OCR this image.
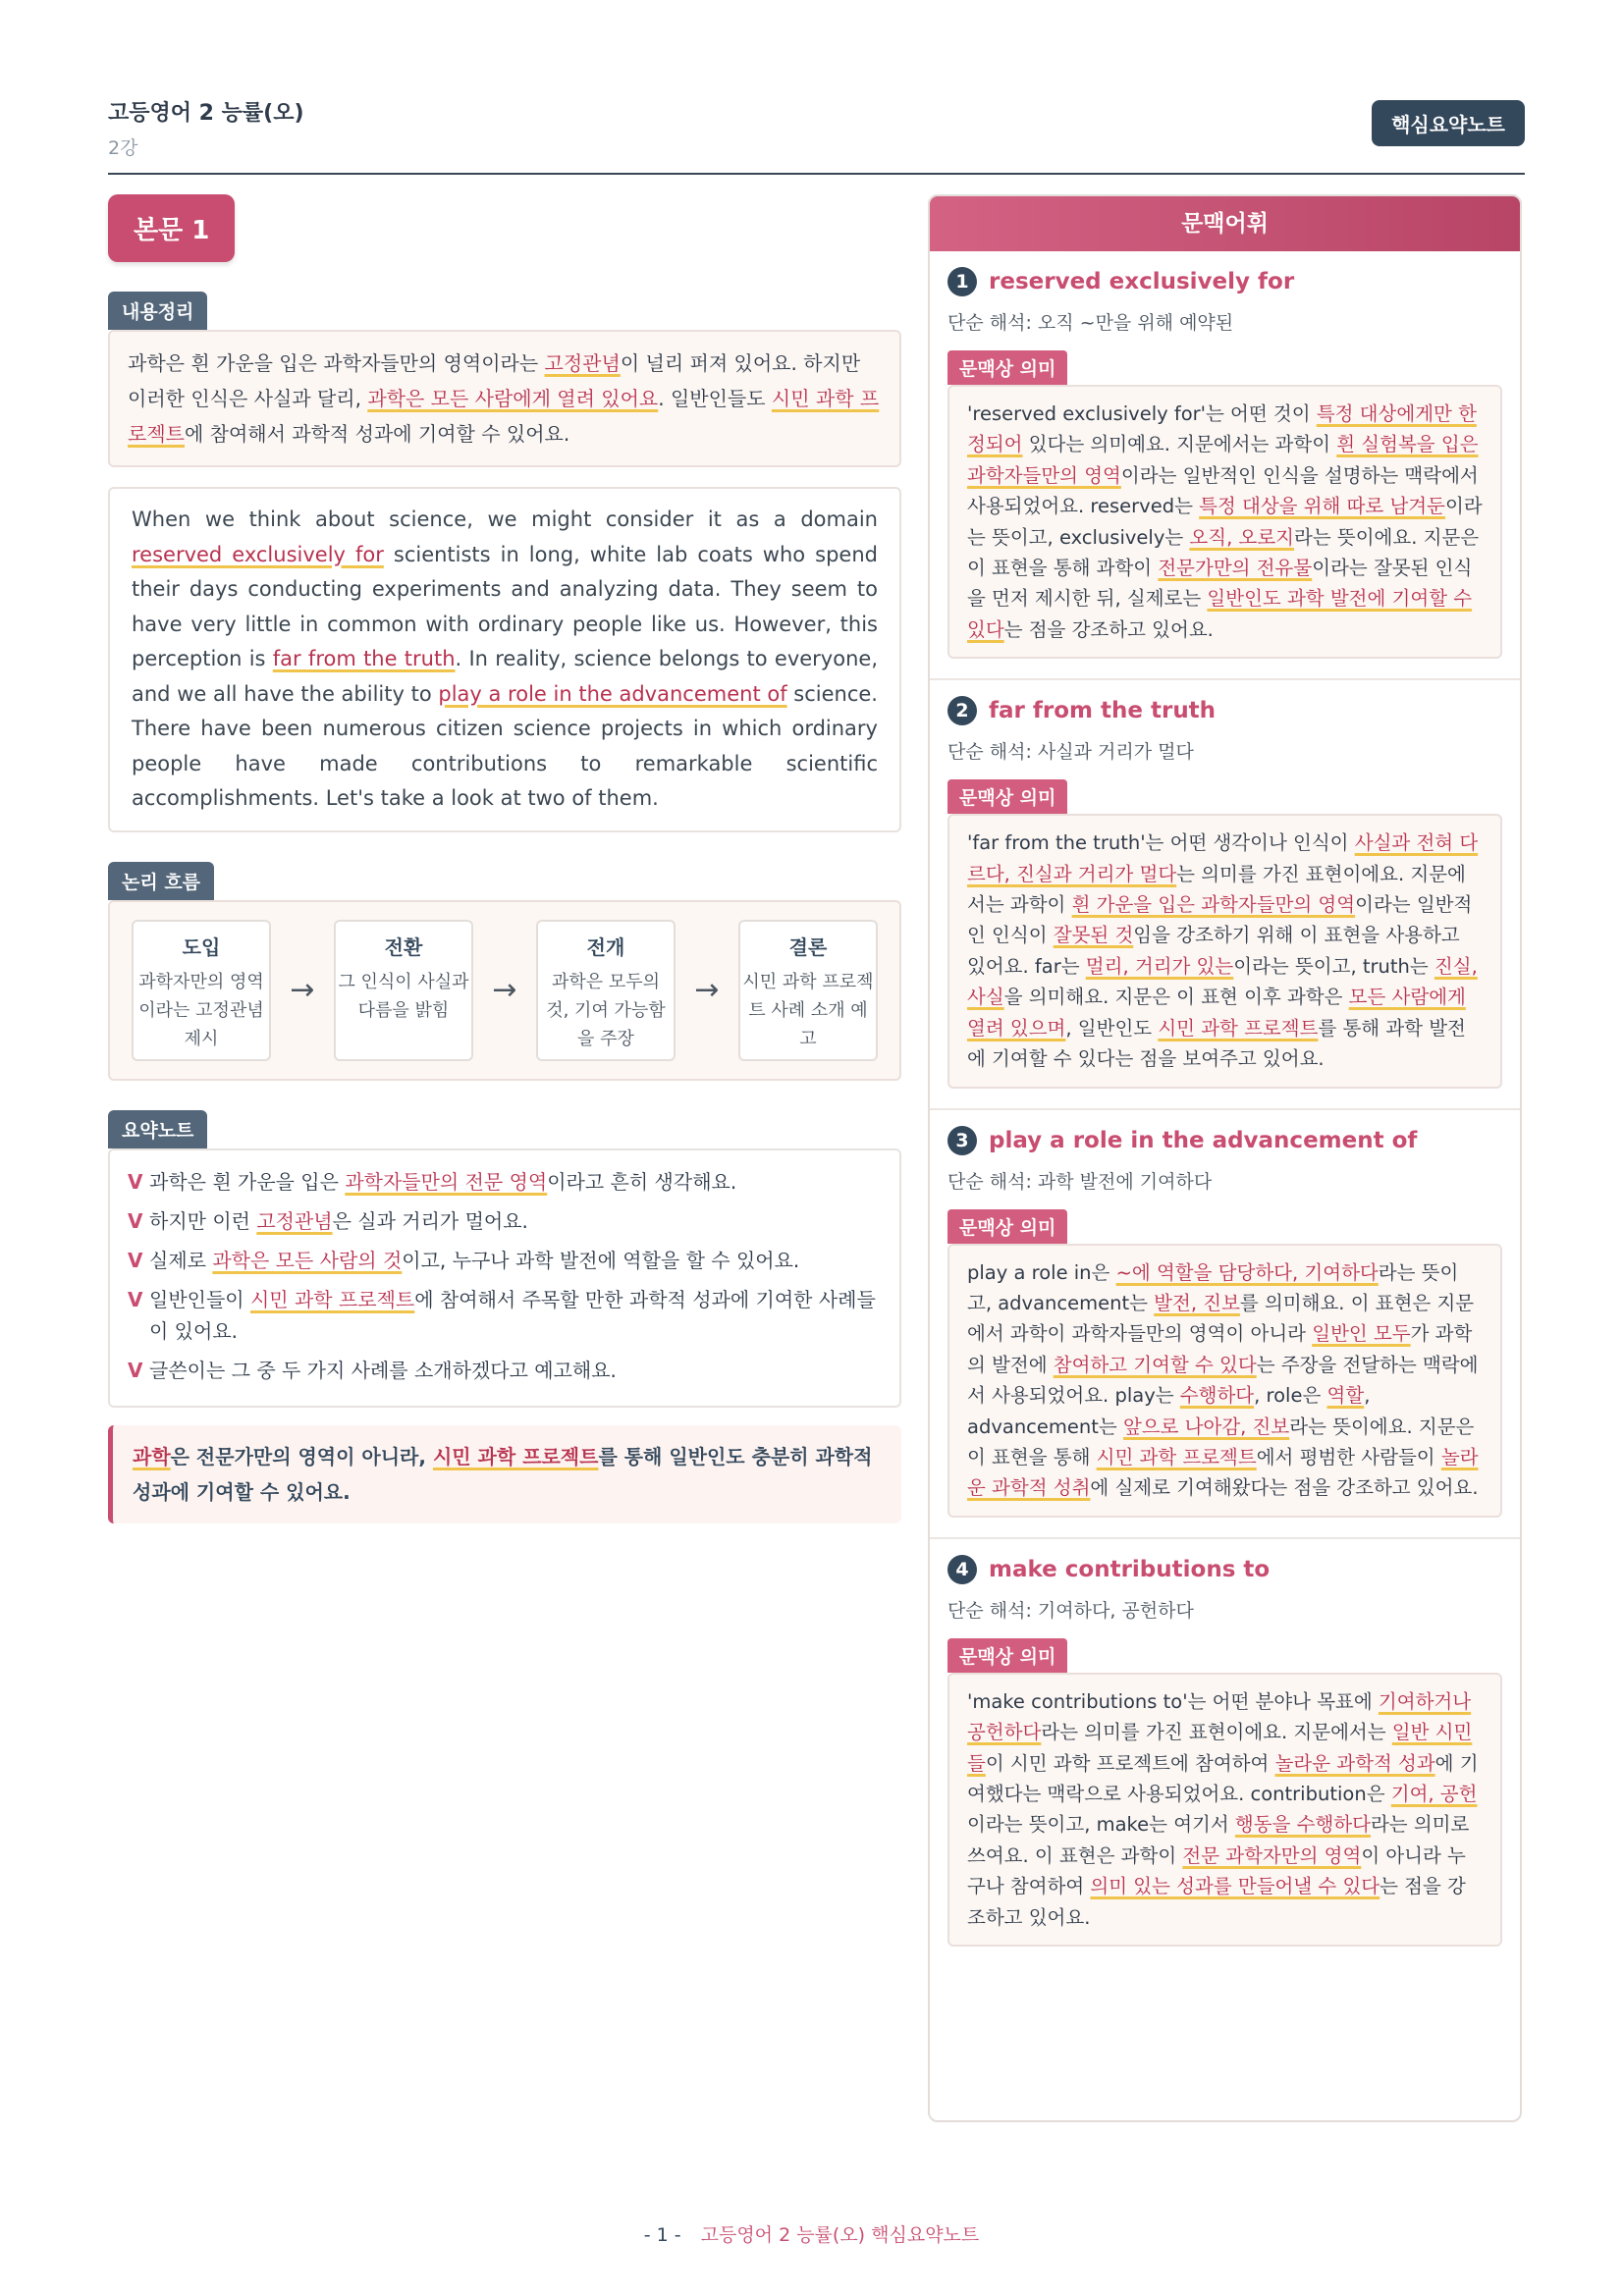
고등영어 2 능률(오)
2강
핵심요약노트
본문 1
내용정리
과학은 흰 가운을 입은 과학자들만의 영역이라는 고정관념이 널리 퍼져 있어요. 하지만 이러한 인식은 사실과 달리, 과학은 모든 사람에게 열려 있어요. 일반인들도 시민 과학 프로젝트에 참여해서 과학적 성과에 기여할 수 있어요.
When we think about science, we might consider it as a domain reserved exclusively for scientists in long, white lab coats who spend their days conducting experiments and analyzing data. They seem to have very little in common with ordinary people like us. However, this perception is far from the truth. In reality, science belongs to everyone, and we all have the ability to play a role in the advancement of science. There have been numerous citizen science projects in which ordinary people have made contributions to remarkable scientific accomplishments. Let's take a look at two of them.
논리 흐름
도입
과학자만의 영역이라는 고정관념 제시
→
전환
그 인식이 사실과 다름을 밝힘
→
전개
과학은 모두의 것, 기여 가능함을 주장
→
결론
시민 과학 프로젝트 사례 소개 예고
요약노트
V 과학은 흰 가운을 입은 과학자들만의 전문 영역이라고 흔히 생각해요.
V 하지만 이런 고정관념은 실과 거리가 멀어요.
V 실제로 과학은 모든 사람의 것이고, 누구나 과학 발전에 역할을 할 수 있어요.
V 일반인들이 시민 과학 프로젝트에 참여해서 주목할 만한 과학적 성과에 기여한 사례들이 있어요.
V 글쓴이는 그 중 두 가지 사례를 소개하겠다고 예고해요.
과학은 전문가만의 영역이 아니라, 시민 과학 프로젝트를 통해 일반인도 충분히 과학적 성과에 기여할 수 있어요.
문맥어휘
1 reserved exclusively for
단순 해석: 오직 ~만을 위해 예약된
문맥상 의미
'reserved exclusively for'는 어떤 것이 특정 대상에게만 한정되어 있다는 의미예요. 지문에서는 과학이 흰 실험복을 입은 과학자들만의 영역이라는 일반적인 인식을 설명하는 맥락에서 사용되었어요. reserved는 특정 대상을 위해 따로 남겨둔이라는 뜻이고, exclusively는 오직, 오로지라는 뜻이에요. 지문은 이 표현을 통해 과학이 전문가만의 전유물이라는 잘못된 인식을 먼저 제시한 뒤, 실제로는 일반인도 과학 발전에 기여할 수 있다는 점을 강조하고 있어요.
2 far from the truth
단순 해석: 사실과 거리가 멀다
문맥상 의미
'far from the truth'는 어떤 생각이나 인식이 사실과 전혀 다르다, 진실과 거리가 멀다는 의미를 가진 표현이에요. 지문에서는 과학이 흰 가운을 입은 과학자들만의 영역이라는 일반적인 인식이 잘못된 것임을 강조하기 위해 이 표현을 사용하고 있어요. far는 멀리, 거리가 있는이라는 뜻이고, truth는 진실, 사실을 의미해요. 지문은 이 표현 이후 과학은 모든 사람에게 열려 있으며, 일반인도 시민 과학 프로젝트를 통해 과학 발전에 기여할 수 있다는 점을 보여주고 있어요.
3 play a role in the advancement of
단순 해석: 과학 발전에 기여하다
문맥상 의미
play a role in은 ~에 역할을 담당하다, 기여하다라는 뜻이고, advancement는 발전, 진보를 의미해요. 이 표현은 지문에서 과학이 과학자들만의 영역이 아니라 일반인 모두가 과학의 발전에 참여하고 기여할 수 있다는 주장을 전달하는 맥락에서 사용되었어요. play는 수행하다, role은 역할, advancement는 앞으로 나아감, 진보라는 뜻이에요. 지문은 이 표현을 통해 시민 과학 프로젝트에서 평범한 사람들이 놀라운 과학적 성취에 실제로 기여해왔다는 점을 강조하고 있어요.
4 make contributions to
단순 해석: 기여하다, 공헌하다
문맥상 의미
'make contributions to'는 어떤 분야나 목표에 기여하거나 공헌하다라는 의미를 가진 표현이에요. 지문에서는 일반 시민들이 시민 과학 프로젝트에 참여하여 놀라운 과학적 성과에 기여했다는 맥락으로 사용되었어요. contribution은 기여, 공헌이라는 뜻이고, make는 여기서 행동을 수행하다라는 의미로 쓰여요. 이 표현은 과학이 전문 과학자만의 영역이 아니라 누구나 참여하여 의미 있는 성과를 만들어낼 수 있다는 점을 강조하고 있어요.
- 1 - 고등영어 2 능률(오) 핵심요약노트
